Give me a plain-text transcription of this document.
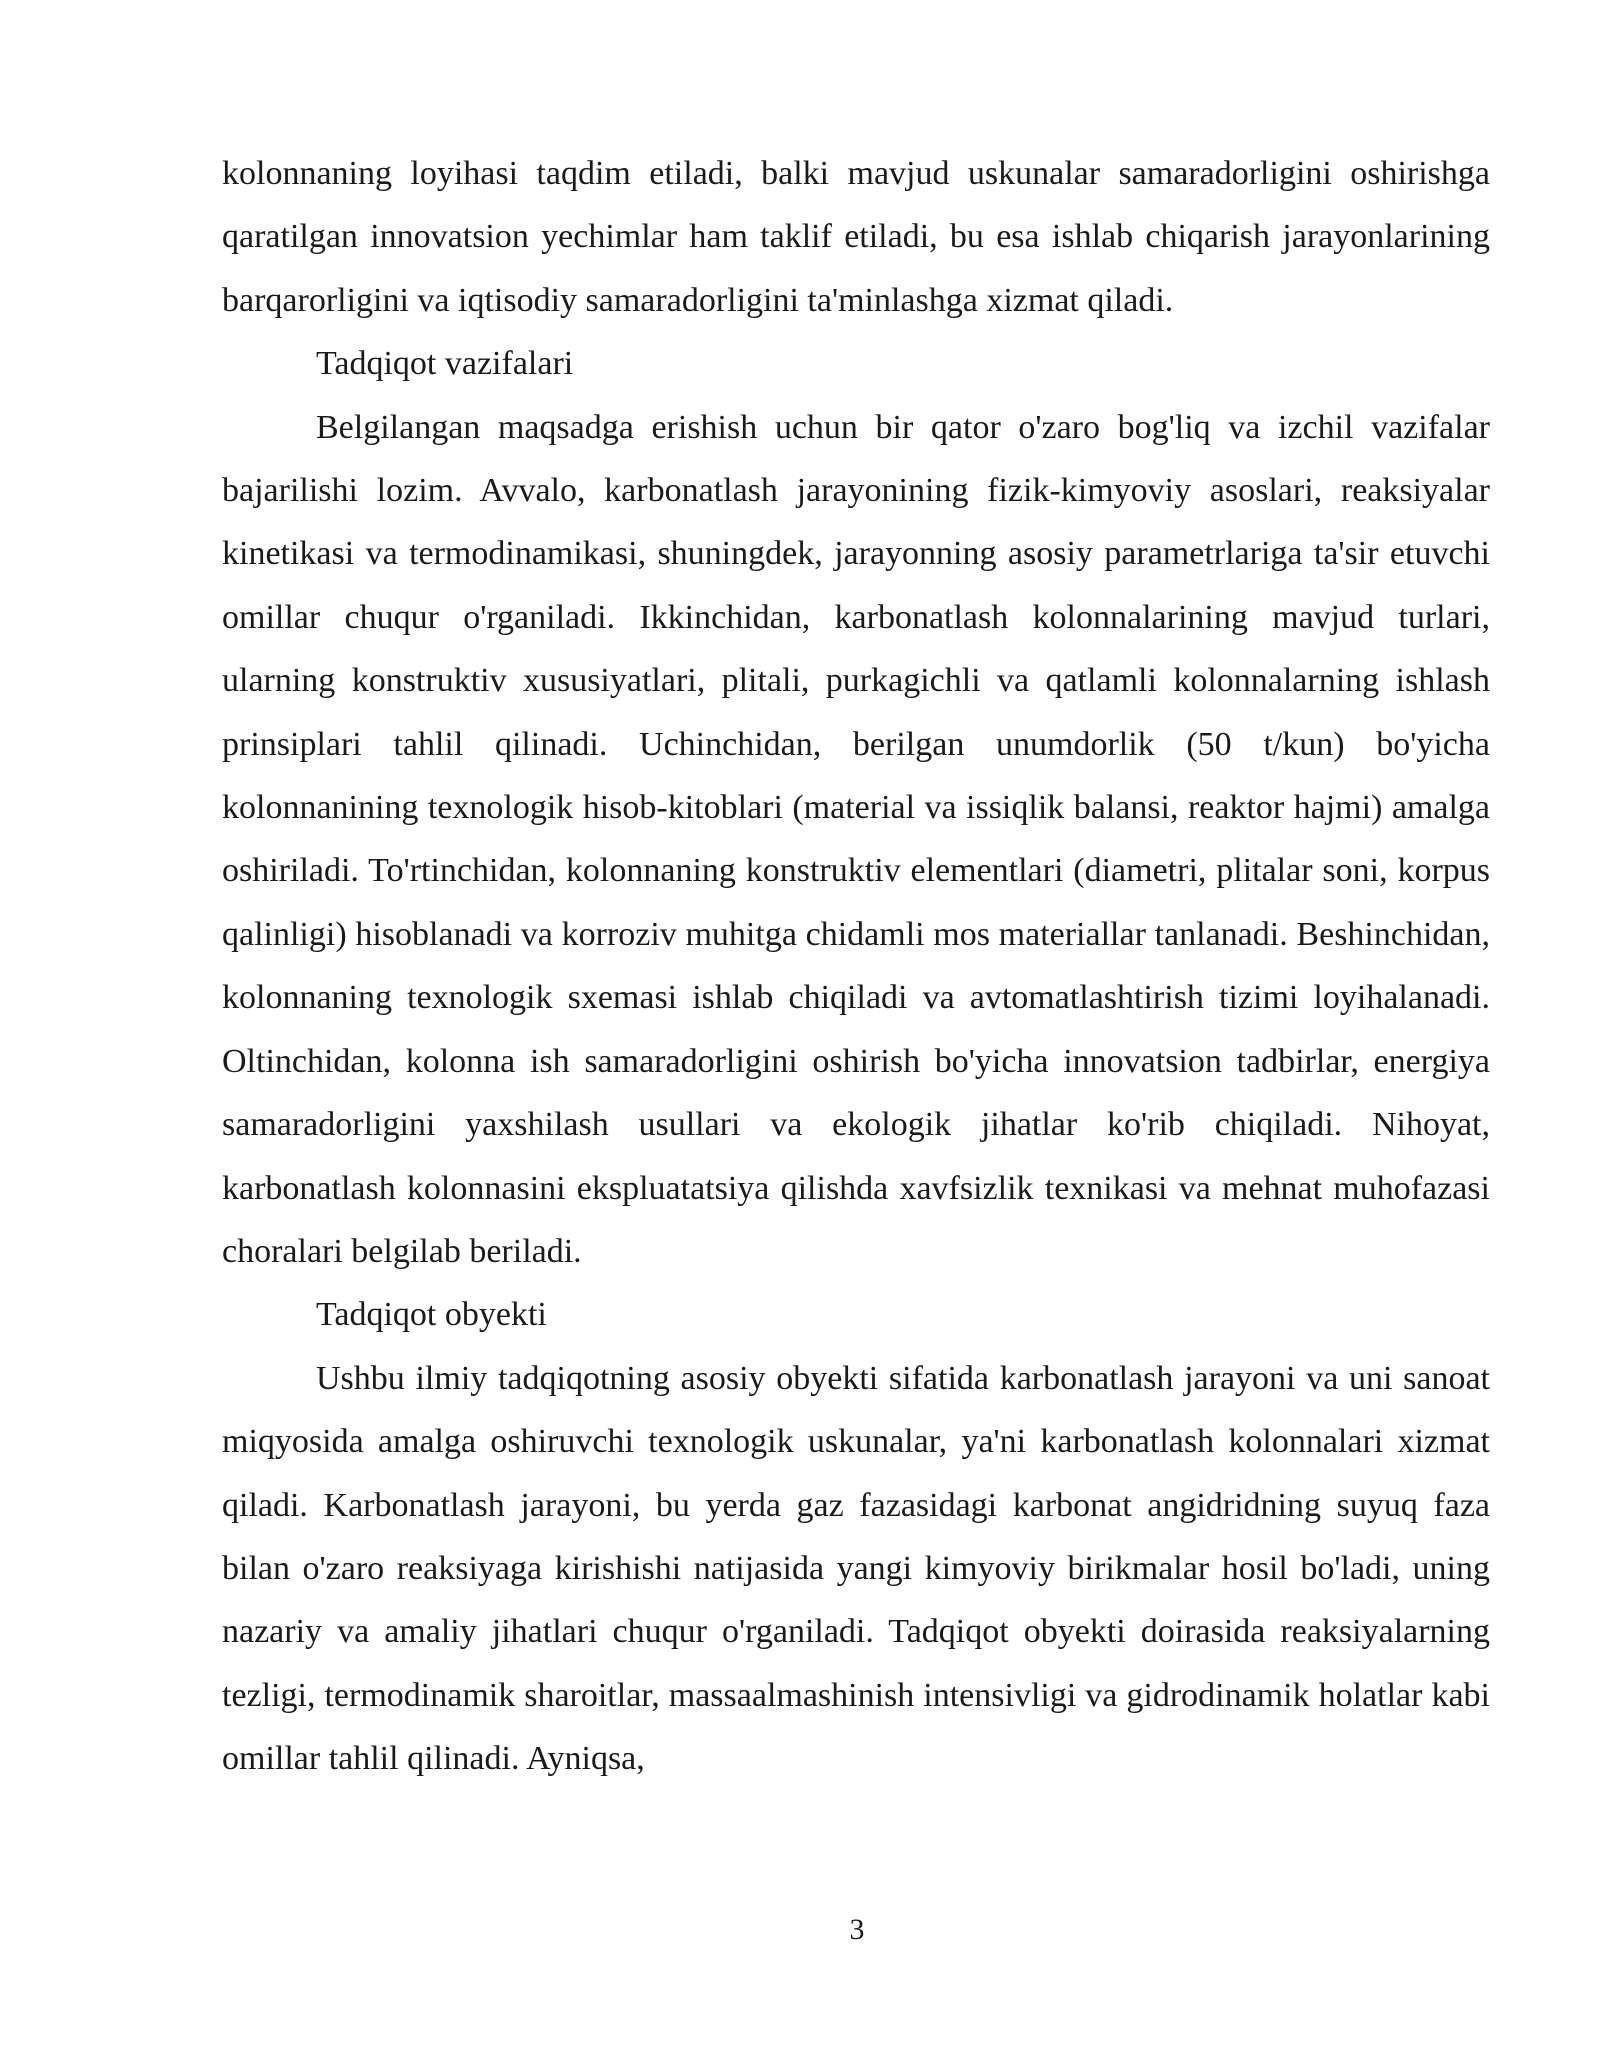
kolonnaning loyihasi taqdim etiladi, balki mavjud uskunalar samaradorligini oshirishga qaratilgan innovatsion yechimlar ham taklif etiladi, bu esa ishlab chiqarish jarayonlarining barqarorligini va iqtisodiy samaradorligini ta'minlashga xizmat qiladi.

Tadqiqot vazifalari

Belgilangan maqsadga erishish uchun bir qator o'zaro bog'liq va izchil vazifalar bajarilishi lozim. Avvalo, karbonatlash jarayonining fizik-kimyoviy asoslari, reaksiyalar kinetikasi va termodinamikasi, shuningdek, jarayonning asosiy parametrlariga ta'sir etuvchi omillar chuqur o'rganiladi. Ikkinchidan, karbonatlash kolonnalarining mavjud turlari, ularning konstruktiv xususiyatlari, plitali, purkagichli va qatlamli kolonnalarning ishlash prinsiplari tahlil qilinadi. Uchinchidan, berilgan unumdorlik (50 t/kun) bo'yicha kolonnanining texnologik hisob-kitoblari (material va issiqlik balansi, reaktor hajmi) amalga oshiriladi. To'rtinchidan, kolonnaning konstruktiv elementlari (diametri, plitalar soni, korpus qalinligi) hisoblanadi va korroziv muhitga chidamli mos materiallar tanlanadi. Beshinchidan, kolonnaning texnologik sxemasi ishlab chiqiladi va avtomatlashtirish tizimi loyihalanadi. Oltinchidan, kolonna ish samaradorligini oshirish bo'yicha innovatsion tadbirlar, energiya samaradorligini yaxshilash usullari va ekologik jihatlar ko'rib chiqiladi. Nihoyat, karbonatlash kolonnasini ekspluatatsiya qilishda xavfsizlik texnikasi va mehnat muhofazasi choralari belgilab beriladi.

Tadqiqot obyekti

Ushbu ilmiy tadqiqotning asosiy obyekti sifatida karbonatlash jarayoni va uni sanoat miqyosida amalga oshiruvchi texnologik uskunalar, ya'ni karbonatlash kolonnalari xizmat qiladi. Karbonatlash jarayoni, bu yerda gaz fazasidagi karbonat angidridning suyuq faza bilan o'zaro reaksiyaga kirishishi natijasida yangi kimyoviy birikmalar hosil bo'ladi, uning nazariy va amaliy jihatlari chuqur o'rganiladi. Tadqiqot obyekti doirasida reaksiyalarning tezligi, termodinamik sharoitlar, massaalmashinish intensivligi va gidrodinamik holatlar kabi omillar tahlil qilinadi. Ayniqsa,

3
